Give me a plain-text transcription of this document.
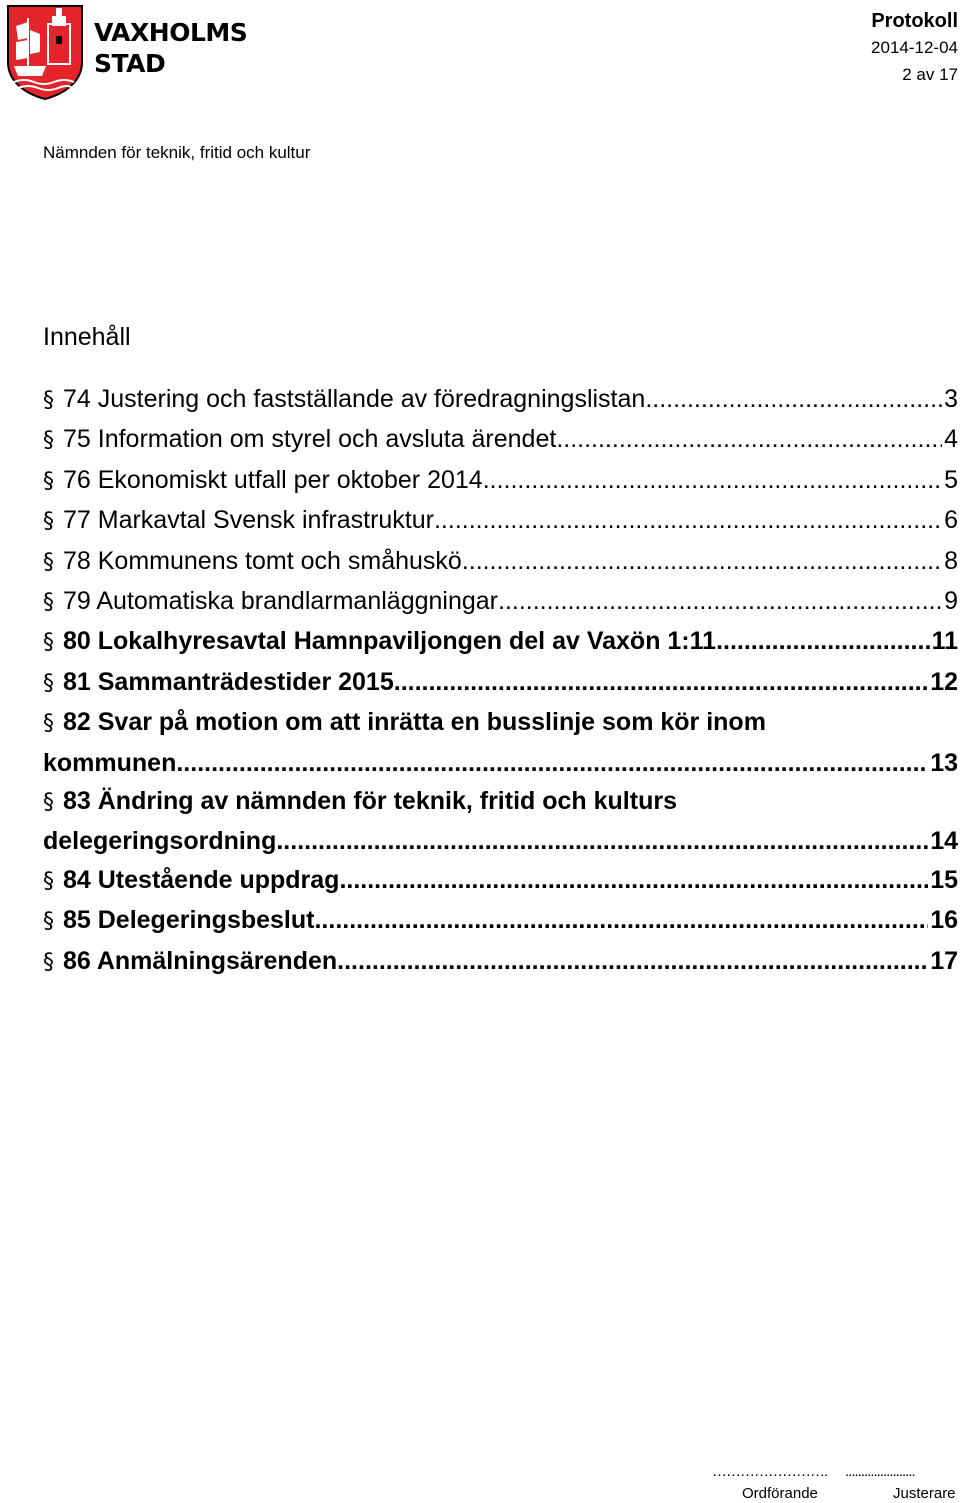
VAXHOLMS
STAD
Protokoll
2014-12-04
2 av 17
Nämnden för teknik, fritid och kultur
Innehåll
§ 74 Justering och fastställande av föredragningslistan .....	3
§ 75 Information om styrel och avsluta ärendet .....	4
§ 76 Ekonomiskt utfall per oktober 2014 .....	5
§ 77 Markavtal Svensk infrastruktur .....	6
§ 78 Kommunens tomt och småhuskö .....	8
§ 79 Automatiska brandlarmanläggningar .....	9
§ 80 Lokalhyresavtal Hamnpaviljongen del av Vaxön 1:11 .....	11
§ 81 Sammanträdestider 2015 .....	12
§ 82 Svar på motion om att inrätta en busslinje som kör inom
kommunen .....	13
§ 83 Ändring av nämnden för teknik, fritid och kulturs
delegeringsordning .....	14
§ 84 Utestående uppdrag .....	15
§ 85 Delegeringsbeslut .....	16
§ 86 Anmälningsärenden .....	17
……………………. ......................
Ordförande	Justerare
